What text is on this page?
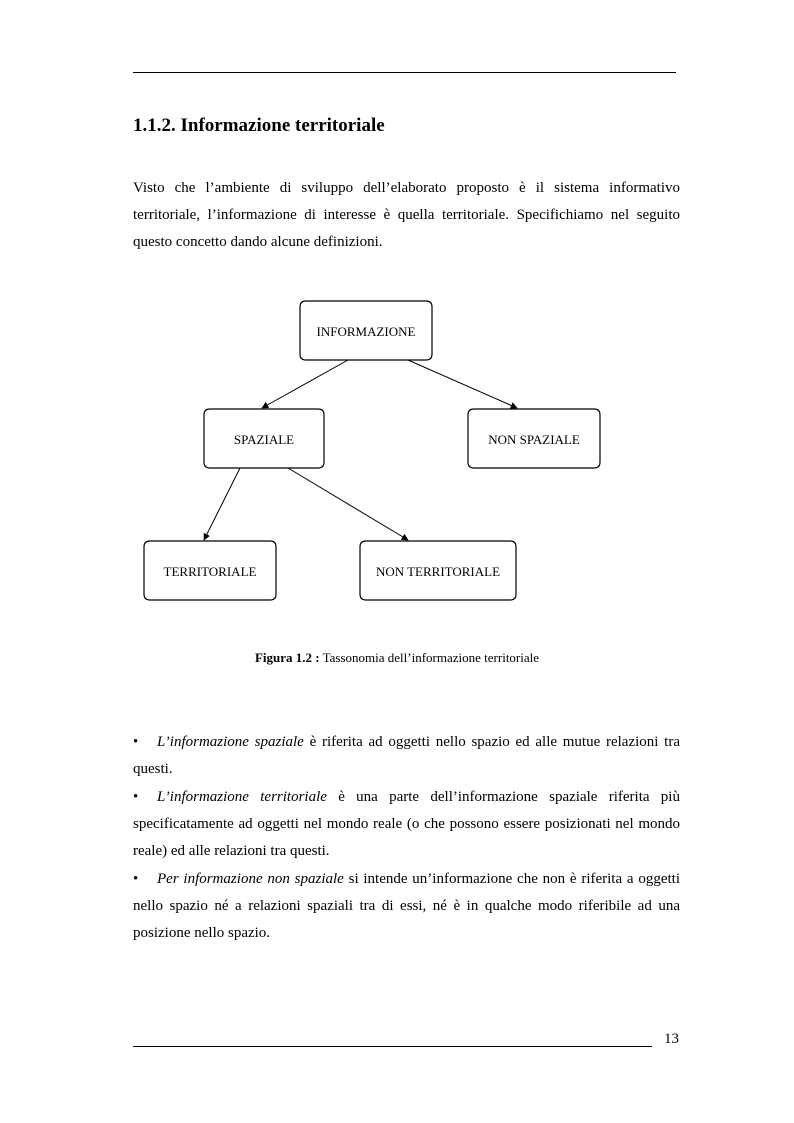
1.1.2. Informazione territoriale

Visto che l’ambiente di sviluppo dell’elaborato proposto è il sistema informativo territoriale, l’informazione di interesse è quella territoriale. Specifichiamo nel seguito questo concetto dando alcune definizioni.

INFORMAZIONE
SPAZIALE	NON SPAZIALE
TERRITORIALE	NON TERRITORIALE
Figura 1.2 : Tassonomia dell’informazione territoriale
• L’informazione spaziale è riferita ad oggetti nello spazio ed alle mutue relazioni tra questi.
• L’informazione territoriale è una parte dell’informazione spaziale riferita più specificatamente ad oggetti nel mondo reale (o che possono essere posizionati nel mondo reale) ed alle relazioni tra questi.
• Per informazione non spaziale si intende un’informazione che non è riferita a oggetti nello spazio né a relazioni spaziali tra di essi, né è in qualche modo riferibile ad una posizione nello spazio.
13
